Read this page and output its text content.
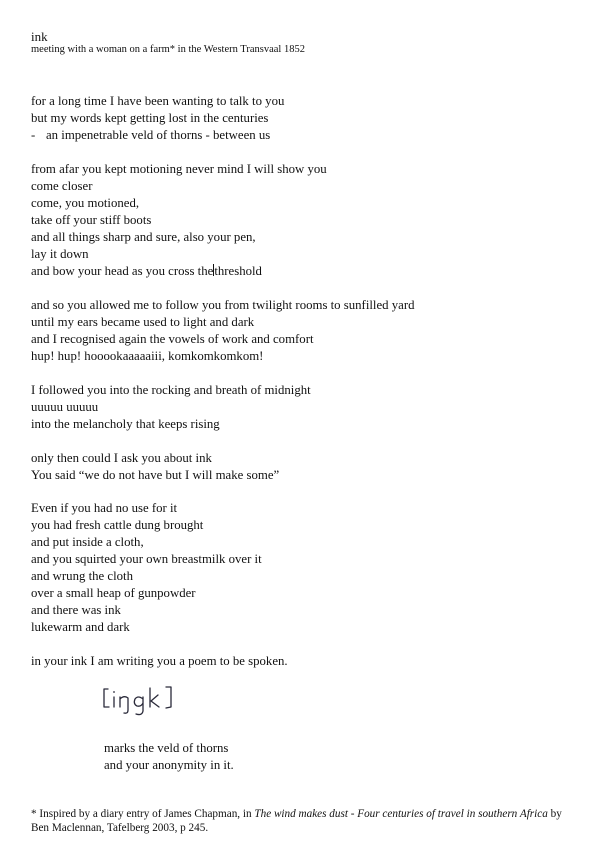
ink
meeting with a woman on a farm* in the Western Transvaal 1852
for a long time I have been wanting to talk to you
but my words kept getting lost in the centuries
- an impenetrable veld of thorns - between us
from afar you kept motioning never mind I will show you
come closer
come, you motioned,
take off your stiff boots
and all things sharp and sure, also your pen,
lay it down
and bow your head as you cross thethreshold
and so you allowed me to follow you from twilight rooms to sunfilled yard
until my ears became used to light and dark
and I recognised again the vowels of work and comfort
hup! hup! hooookaaaaaiii, komkomkomkom!
I followed you into the rocking and breath of midnight
uuuuu uuuuu
into the melancholy that keeps rising
only then could I ask you about ink
You said “we do not have but I will make some”
Even if you had no use for it
you had fresh cattle dung brought
and put inside a cloth,
and you squirted your own breastmilk over it
and wrung the cloth
over a small heap of gunpowder
and there was ink
lukewarm and dark
in your ink I am writing you a poem to be spoken.
marks the veld of thorns
and your anonymity in it.
* Inspired by a diary entry of James Chapman, in The wind makes dust - Four centuries of travel in southern Africa by Ben Maclennan, Tafelberg 2003, p 245.
